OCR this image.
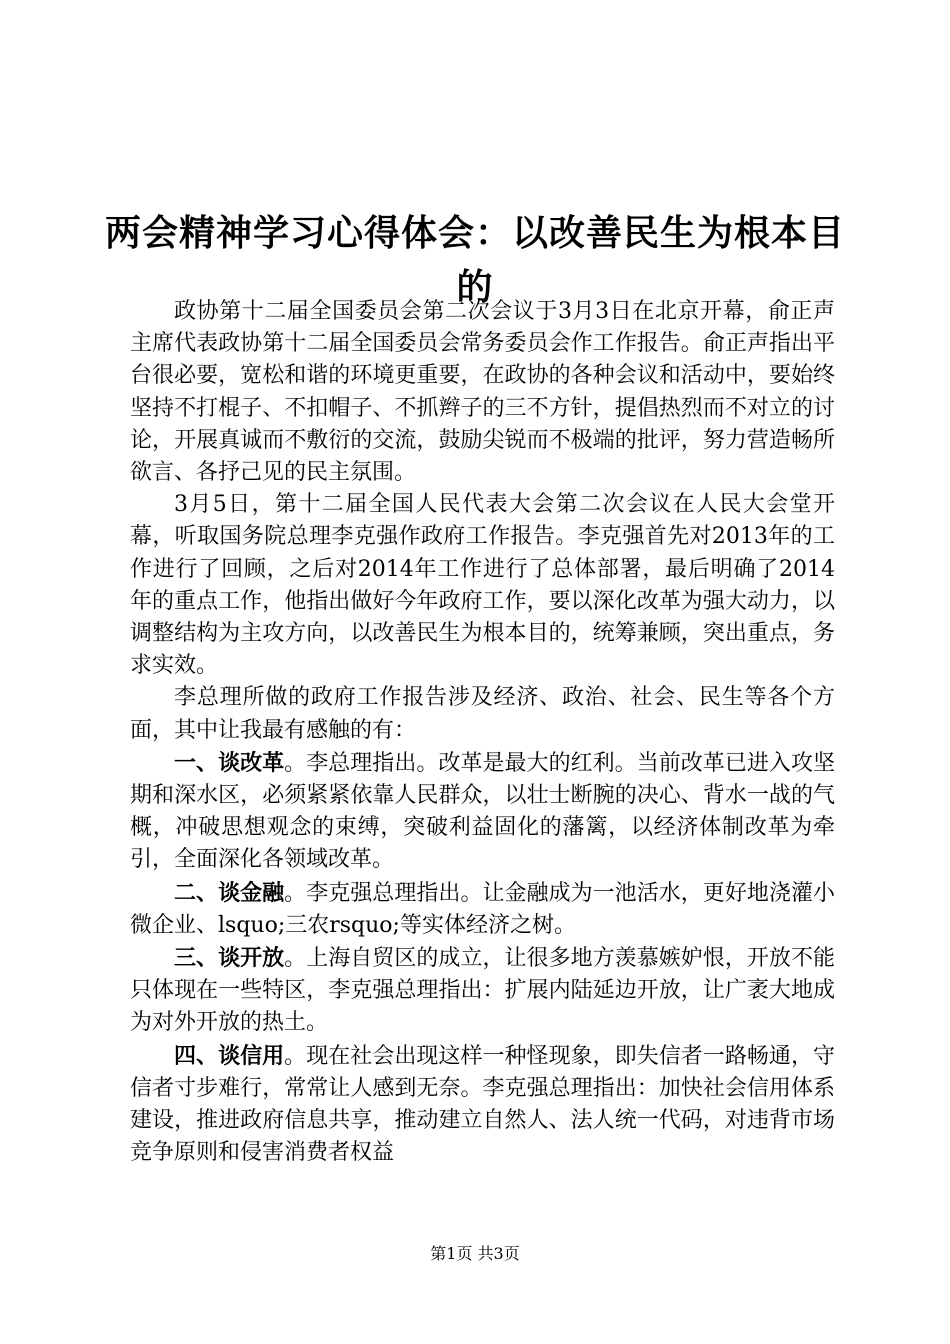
两会精神学习心得体会：以改善民生为根本目的

政协第十二届全国委员会第二次会议于3月3日在北京开幕，俞正声主席代表政协第十二届全国委员会常务委员会作工作报告。俞正声指出平台很必要，宽松和谐的环境更重要，在政协的各种会议和活动中，要始终坚持不打棍子、不扣帽子、不抓辫子的三不方针，提倡热烈而不对立的讨论，开展真诚而不敷衍的交流，鼓励尖锐而不极端的批评，努力营造畅所欲言、各抒己见的民主氛围。

3月5日，第十二届全国人民代表大会第二次会议在人民大会堂开幕，听取国务院总理李克强作政府工作报告。李克强首先对2013年的工作进行了回顾，之后对2014年工作进行了总体部署，最后明确了2014年的重点工作，他指出做好今年政府工作，要以深化改革为强大动力，以调整结构为主攻方向，以改善民生为根本目的，统筹兼顾，突出重点，务求实效。

李总理所做的政府工作报告涉及经济、政治、社会、民生等各个方面，其中让我最有感触的有：

一、谈改革。李总理指出。改革是最大的红利。当前改革已进入攻坚期和深水区，必须紧紧依靠人民群众，以壮士断腕的决心、背水一战的气概，冲破思想观念的束缚，突破利益固化的藩篱，以经济体制改革为牵引，全面深化各领域改革。

二、谈金融。李克强总理指出。让金融成为一池活水，更好地浇灌小微企业、lsquo;三农rsquo;等实体经济之树。

三、谈开放。上海自贸区的成立，让很多地方羡慕嫉妒恨，开放不能只体现在一些特区，李克强总理指出：扩展内陆延边开放，让广袤大地成为对外开放的热土。

四、谈信用。现在社会出现这样一种怪现象，即失信者一路畅通，守信者寸步难行，常常让人感到无奈。李克强总理指出：加快社会信用体系建设，推进政府信息共享，推动建立自然人、法人统一代码，对违背市场竞争原则和侵害消费者权益

第1页 共3页
